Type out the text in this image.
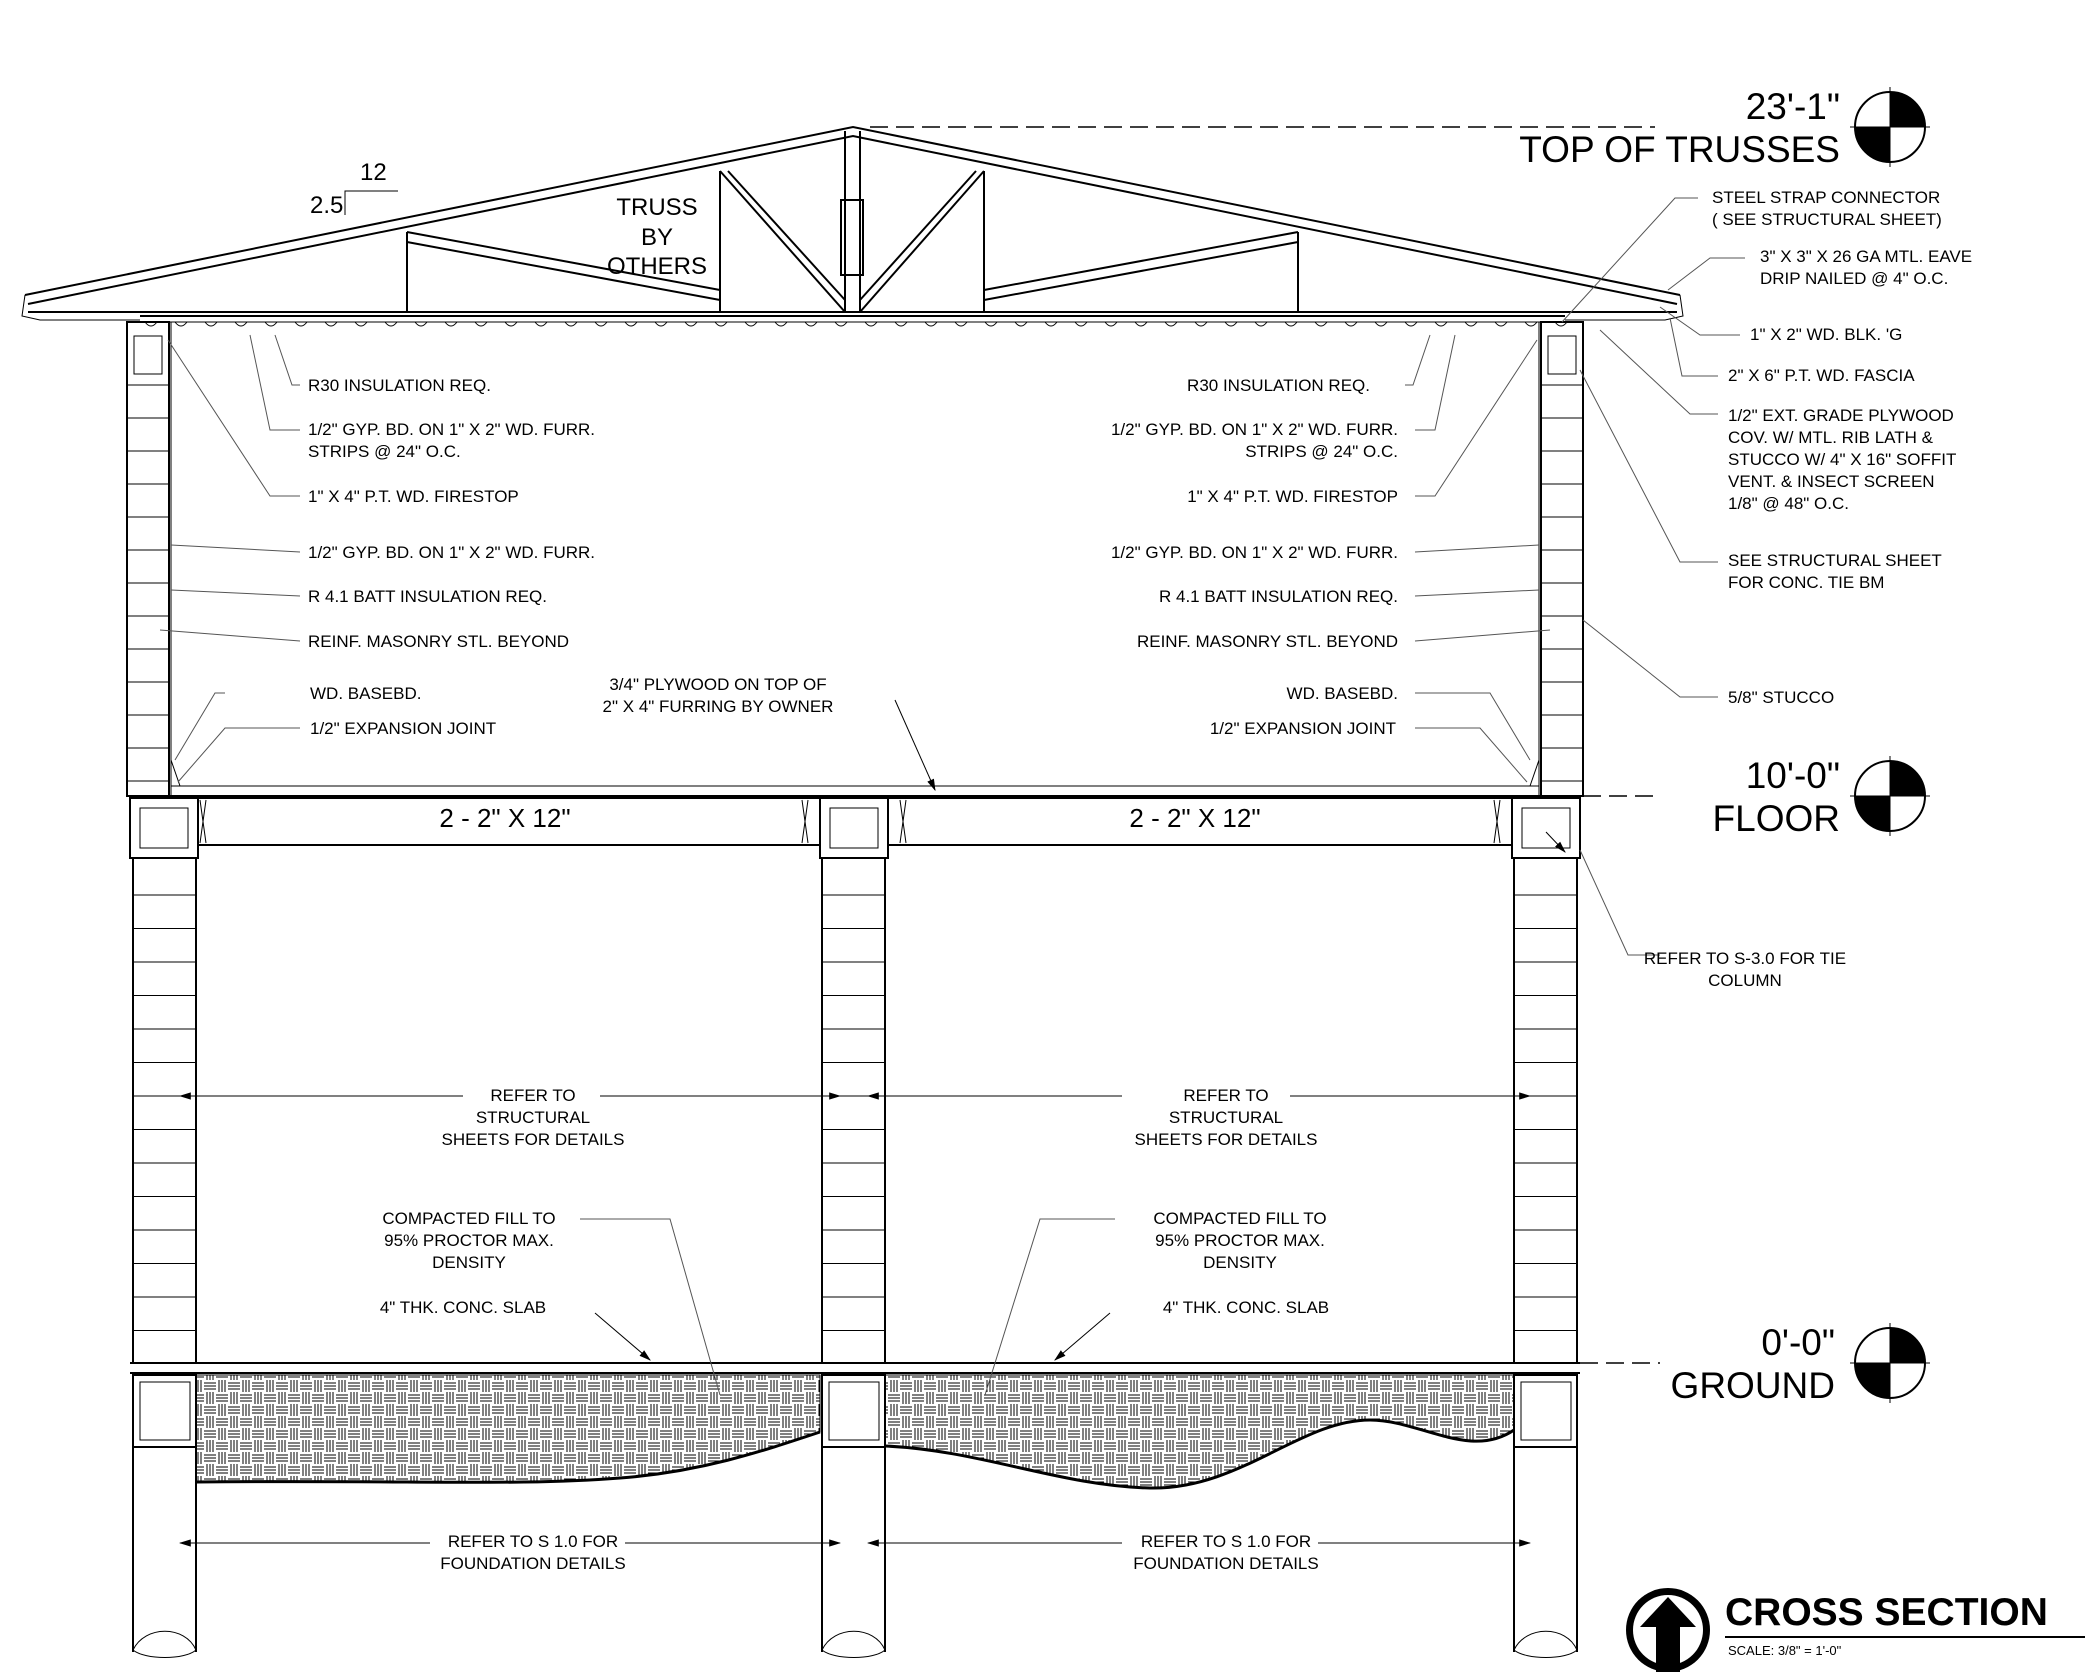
2.5
12
TRUSS
BY
OTHERS
2 - 2" X 12"	2 - 2" X 12"
23'-1"
TOP OF TRUSSES
10'-0"
FLOOR
0'-0"
GROUND
R30 INSULATION REQ.
1/2" GYP. BD. ON 1" X 2" WD. FURR.
STRIPS @ 24" O.C.
1" X 4" P.T. WD. FIRESTOP
1/2" GYP. BD. ON 1" X 2" WD. FURR.
R 4.1 BATT INSULATION REQ.
REINF. MASONRY STL. BEYOND
WD. BASEBD.
1/2" EXPANSION JOINT
R30 INSULATION REQ.
1/2" GYP. BD. ON 1" X 2" WD. FURR.
STRIPS @ 24" O.C.
1" X 4" P.T. WD. FIRESTOP
1/2" GYP. BD. ON 1" X 2" WD. FURR.
R 4.1 BATT INSULATION REQ.
REINF. MASONRY STL. BEYOND
WD. BASEBD.
1/2" EXPANSION JOINT
STEEL STRAP CONNECTOR
( SEE STRUCTURAL SHEET)
3" X 3" X 26 GA MTL. EAVE
DRIP NAILED @ 4" O.C.
1" X 2" WD. BLK. 'G
2" X 6" P.T. WD. FASCIA
1/2" EXT. GRADE PLYWOOD
COV. W/ MTL. RIB LATH &
STUCCO W/ 4" X 16" SOFFIT
VENT. & INSECT SCREEN
1/8" @ 48" O.C.
SEE STRUCTURAL SHEET
FOR CONC. TIE BM
5/8" STUCCO
REFER TO S-3.0 FOR TIE
COLUMN
3/4" PLYWOOD ON TOP OF
2" X 4" FURRING BY OWNER
REFER TO
STRUCTURAL
SHEETS FOR DETAILS
REFER TO
STRUCTURAL
SHEETS FOR DETAILS
COMPACTED FILL TO
95% PROCTOR MAX.
DENSITY
4" THK. CONC. SLAB
COMPACTED FILL TO
95% PROCTOR MAX.
DENSITY
4" THK. CONC. SLAB
REFER TO S 1.0 FOR
FOUNDATION DETAILS
REFER TO S 1.0 FOR
FOUNDATION DETAILS
CROSS SECTION
SCALE: 3/8" = 1'-0"
